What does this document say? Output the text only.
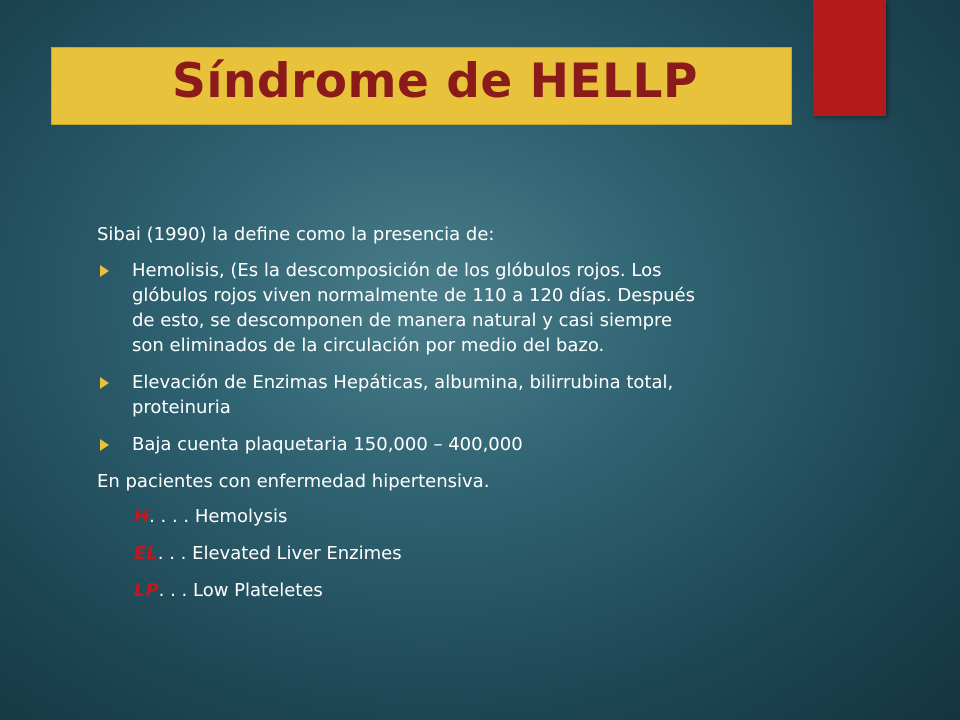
Síndrome de HELLP

Sibai (1990) la define como la presencia de:

Hemolisis, (Es la descomposición de los glóbulos rojos. Los
glóbulos rojos viven normalmente de 110 a 120 días. Después
de esto, se descomponen de manera natural y casi siempre
son eliminados de la circulación por medio del bazo.
Elevación de Enzimas Hepáticas, albumina, bilirrubina total,
proteinuria
Baja cuenta plaquetaria 150,000 – 400,000

En pacientes con enfermedad hipertensiva.

H. . . . Hemolysis
EL. . . Elevated Liver Enzimes
LP. . . Low Plateletes
